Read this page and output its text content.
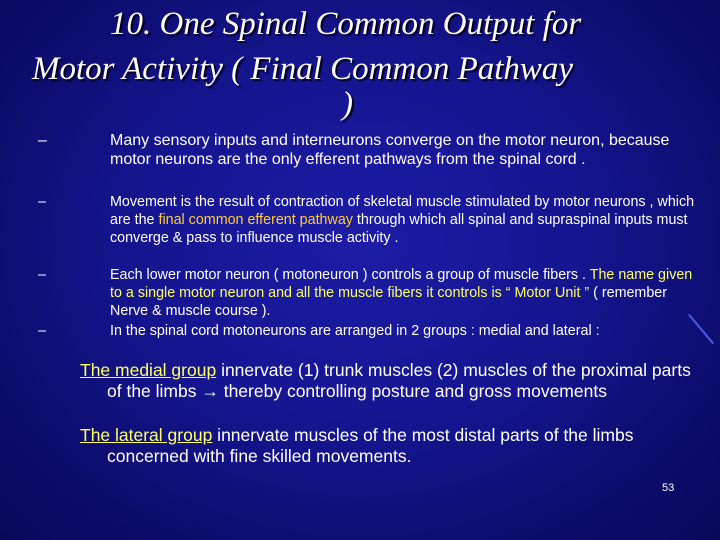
10. One Spinal Common Output for
Motor Activity ( Final Common Pathway
)
–	Many sensory inputs and interneurons converge on the motor neuron, because motor neurons are the only efferent pathways from the spinal cord .
–	Movement is the result of contraction of skeletal muscle stimulated by motor neurons , which are the final common efferent pathway through which all spinal and supraspinal inputs must converge & pass to influence muscle activity .
–	Each lower motor neuron ( motoneuron ) controls a group of muscle fibers . The name given to a single motor neuron and all the muscle fibers it controls is “ Motor Unit ” ( remember Nerve & muscle course ).
–	In the spinal cord motoneurons are arranged in 2 groups : medial and lateral :
The medial group innervate (1) trunk muscles (2) muscles of the proximal parts of the limbs → thereby controlling posture and gross movements
The lateral group innervate muscles of the most distal parts of the limbs concerned with fine skilled movements.
53
